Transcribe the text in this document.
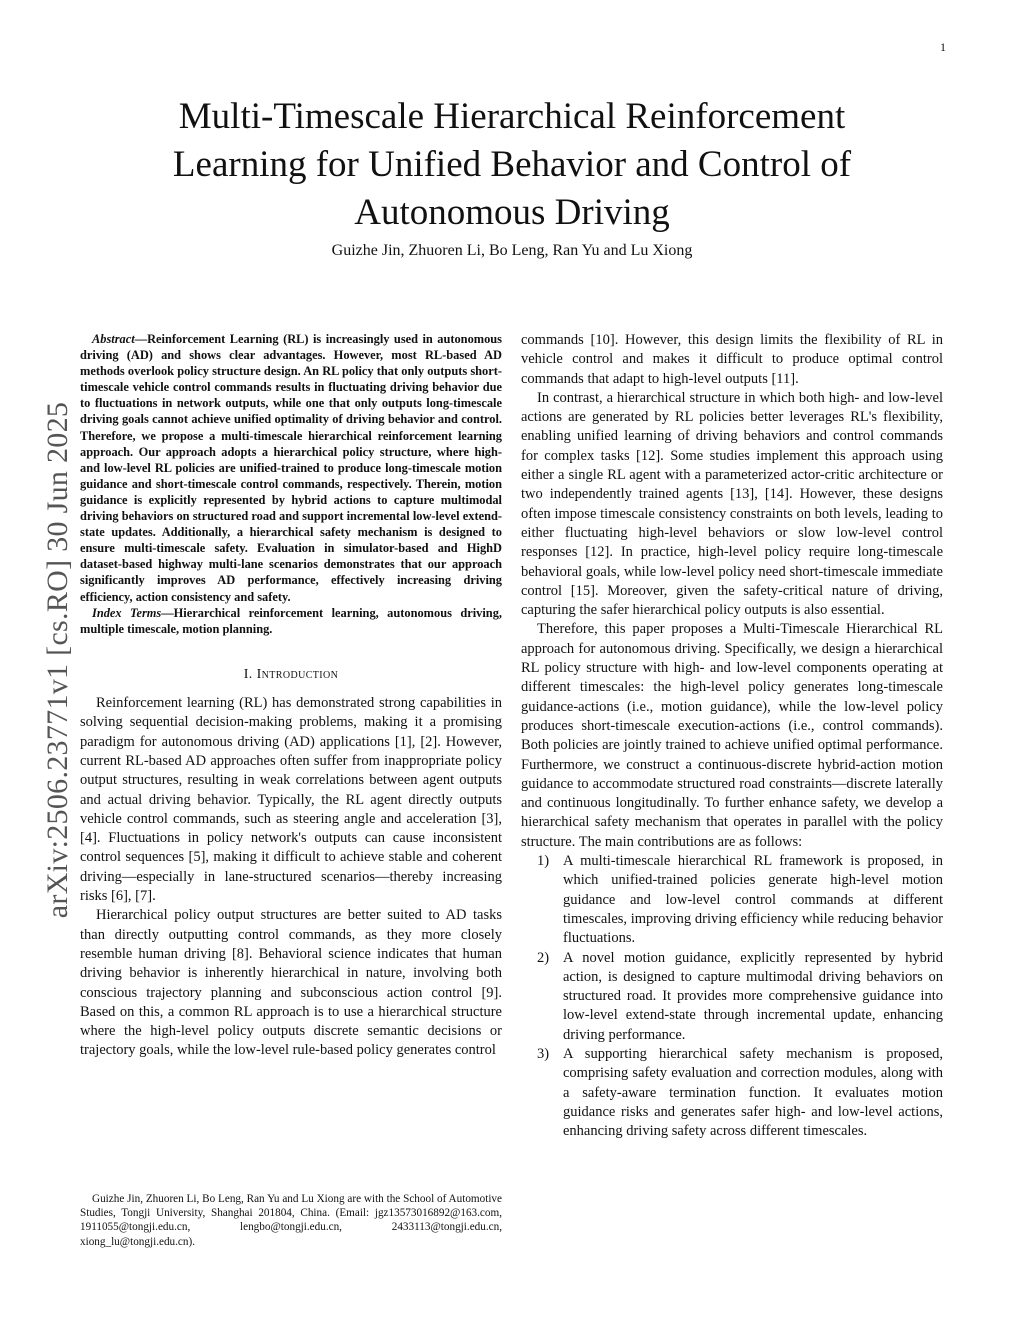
1
arXiv:2506.23771v1 [cs.RO] 30 Jun 2025
Multi-Timescale Hierarchical Reinforcement Learning for Unified Behavior and Control of Autonomous Driving
Guizhe Jin, Zhuoren Li, Bo Leng, Ran Yu and Lu Xiong

Abstract—Reinforcement Learning (RL) is increasingly used in autonomous driving (AD) and shows clear advantages. However, most RL-based AD methods overlook policy structure design. An RL policy that only outputs short-timescale vehicle control commands results in fluctuating driving behavior due to fluctuations in network outputs, while one that only outputs long-timescale driving goals cannot achieve unified optimality of driving behavior and control. Therefore, we propose a multi-timescale hierarchical reinforcement learning approach. Our approach adopts a hierarchical policy structure, where high- and low-level RL policies are unified-trained to produce long-timescale motion guidance and short-timescale control commands, respectively. Therein, motion guidance is explicitly represented by hybrid actions to capture multimodal driving behaviors on structured road and support incremental low-level extend-state updates. Additionally, a hierarchical safety mechanism is designed to ensure multi-timescale safety. Evaluation in simulator-based and HighD dataset-based highway multi-lane scenarios demonstrates that our approach significantly improves AD performance, effectively increasing driving efficiency, action consistency and safety.

Index Terms—Hierarchical reinforcement learning, autonomous driving, multiple timescale, motion planning.

I. Introduction

Reinforcement learning (RL) has demonstrated strong capabilities in solving sequential decision-making problems, making it a promising paradigm for autonomous driving (AD) applications [1], [2]. However, current RL-based AD approaches often suffer from inappropriate policy output structures, resulting in weak correlations between agent outputs and actual driving behavior. Typically, the RL agent directly outputs vehicle control commands, such as steering angle and acceleration [3], [4]. Fluctuations in policy network's outputs can cause inconsistent control sequences [5], making it difficult to achieve stable and coherent driving—especially in lane-structured scenarios—thereby increasing risks [6], [7].

Hierarchical policy output structures are better suited to AD tasks than directly outputting control commands, as they more closely resemble human driving [8]. Behavioral science indicates that human driving behavior is inherently hierarchical in nature, involving both conscious trajectory planning and subconscious action control [9]. Based on this, a common RL approach is to use a hierarchical structure where the high-level policy outputs discrete semantic decisions or trajectory goals, while the low-level rule-based policy generates control

commands [10]. However, this design limits the flexibility of RL in vehicle control and makes it difficult to produce optimal control commands that adapt to high-level outputs [11].

In contrast, a hierarchical structure in which both high- and low-level actions are generated by RL policies better leverages RL's flexibility, enabling unified learning of driving behaviors and control commands for complex tasks [12]. Some studies implement this approach using either a single RL agent with a parameterized actor-critic architecture or two independently trained agents [13], [14]. However, these designs often impose timescale consistency constraints on both levels, leading to either fluctuating high-level behaviors or slow low-level control responses [12]. In practice, high-level policy require long-timescale behavioral goals, while low-level policy need short-timescale immediate control [15]. Moreover, given the safety-critical nature of driving, capturing the safer hierarchical policy outputs is also essential.

Therefore, this paper proposes a Multi-Timescale Hierarchical RL approach for autonomous driving. Specifically, we design a hierarchical RL policy structure with high- and low-level components operating at different timescales: the high-level policy generates long-timescale guidance-actions (i.e., motion guidance), while the low-level policy produces short-timescale execution-actions (i.e., control commands). Both policies are jointly trained to achieve unified optimal performance. Furthermore, we construct a continuous-discrete hybrid-action motion guidance to accommodate structured road constraints—discrete laterally and continuous longitudinally. To further enhance safety, we develop a hierarchical safety mechanism that operates in parallel with the policy structure. The main contributions are as follows:

1) A multi-timescale hierarchical RL framework is proposed, in which unified-trained policies generate high-level motion guidance and low-level control commands at different timescales, improving driving efficiency while reducing behavior fluctuations.
2) A novel motion guidance, explicitly represented by hybrid action, is designed to capture multimodal driving behaviors on structured road. It provides more comprehensive guidance into low-level extend-state through incremental update, enhancing driving performance.
3) A supporting hierarchical safety mechanism is proposed, comprising safety evaluation and correction modules, along with a safety-aware termination function. It evaluates motion guidance risks and generates safer high- and low-level actions, enhancing driving safety across different timescales.
Guizhe Jin, Zhuoren Li, Bo Leng, Ran Yu and Lu Xiong are with the School of Automotive Studies, Tongji University, Shanghai 201804, China. (Email: jgz13573016892@163.com, 1911055@tongji.edu.cn, lengbo@tongji.edu.cn, 2433113@tongji.edu.cn, xiong_lu@tongji.edu.cn).
